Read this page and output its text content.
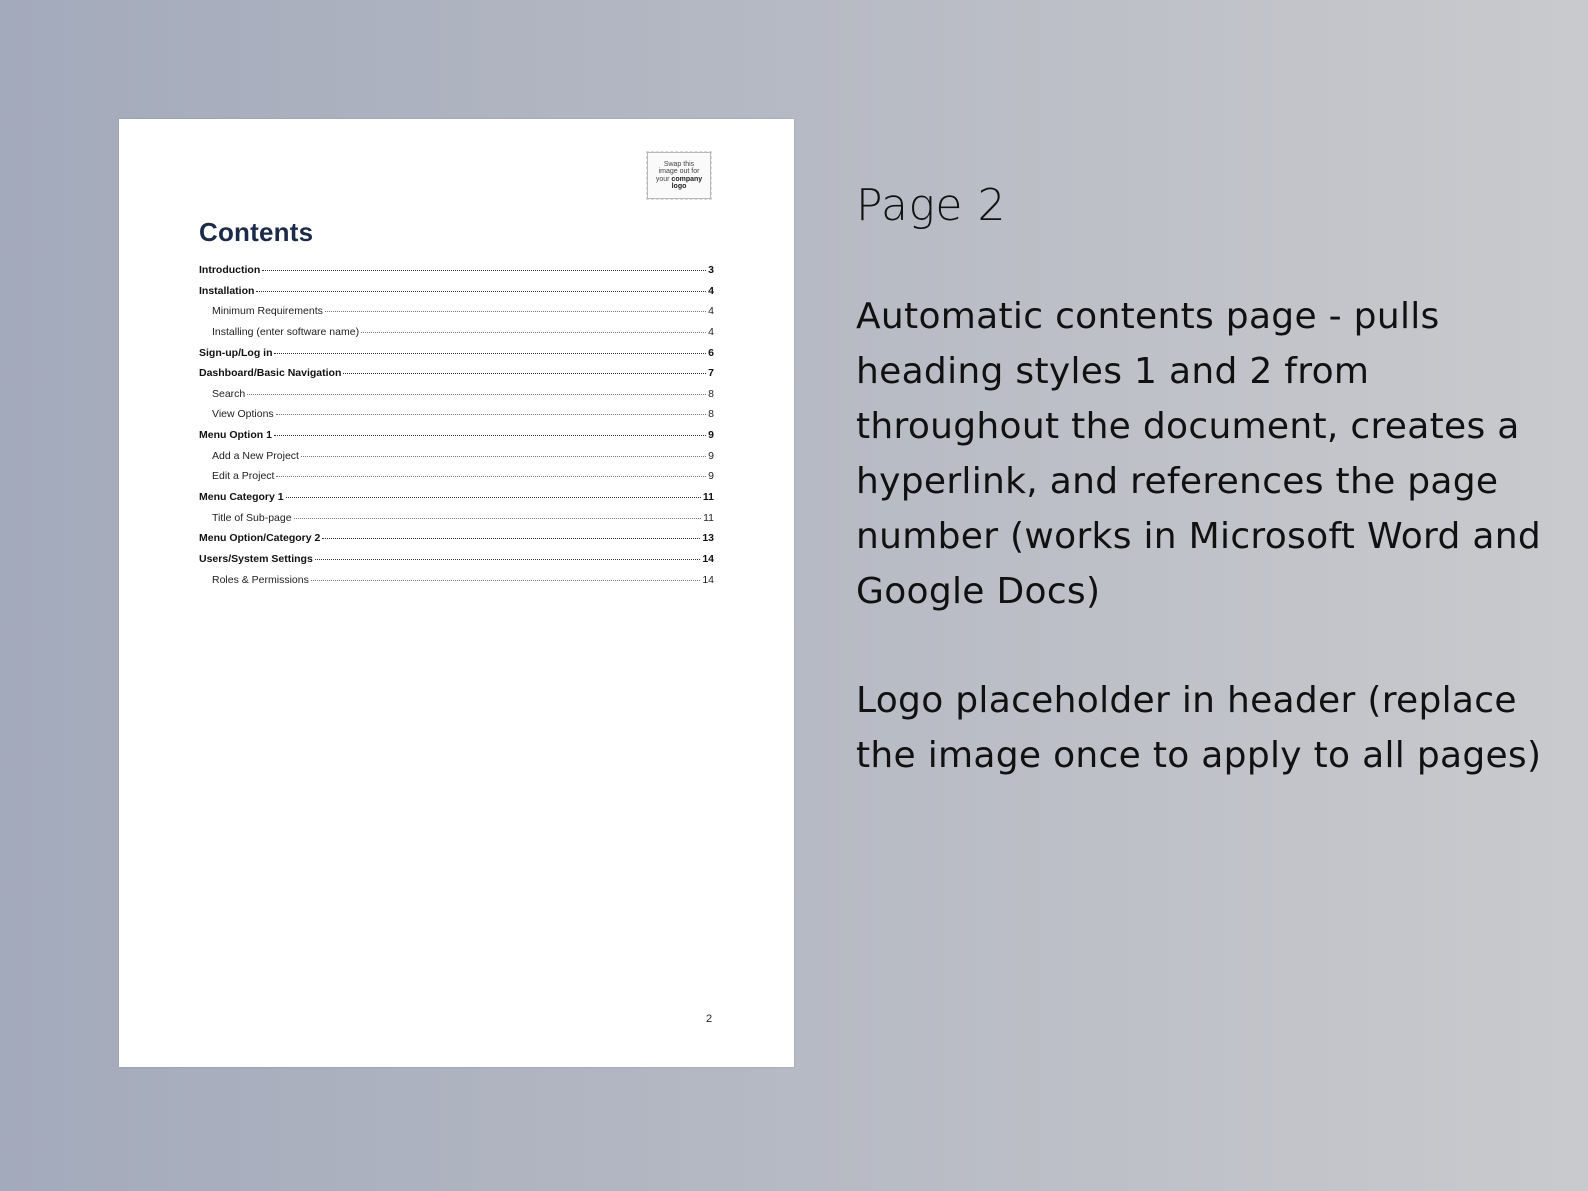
Swap this
image out for
your company
logo
Contents
Introduction	3
Installation	4
Minimum Requirements	4
Installing (enter software name)	4
Sign-up/Log in	6
Dashboard/Basic Navigation	7
Search	8
View Options	8
Menu Option 1	9
Add a New Project	9
Edit a Project	9
Menu Category 1	11
Title of Sub-page	11
Menu Option/Category 2	13
Users/System Settings	14
Roles & Permissions	14
2
Page 2

Automatic contents page - pulls heading styles 1 and 2 from throughout the document, creates a hyperlink, and references the page number (works in Microsoft Word and Google Docs)

Logo placeholder in header (replace the image once to apply to all pages)
